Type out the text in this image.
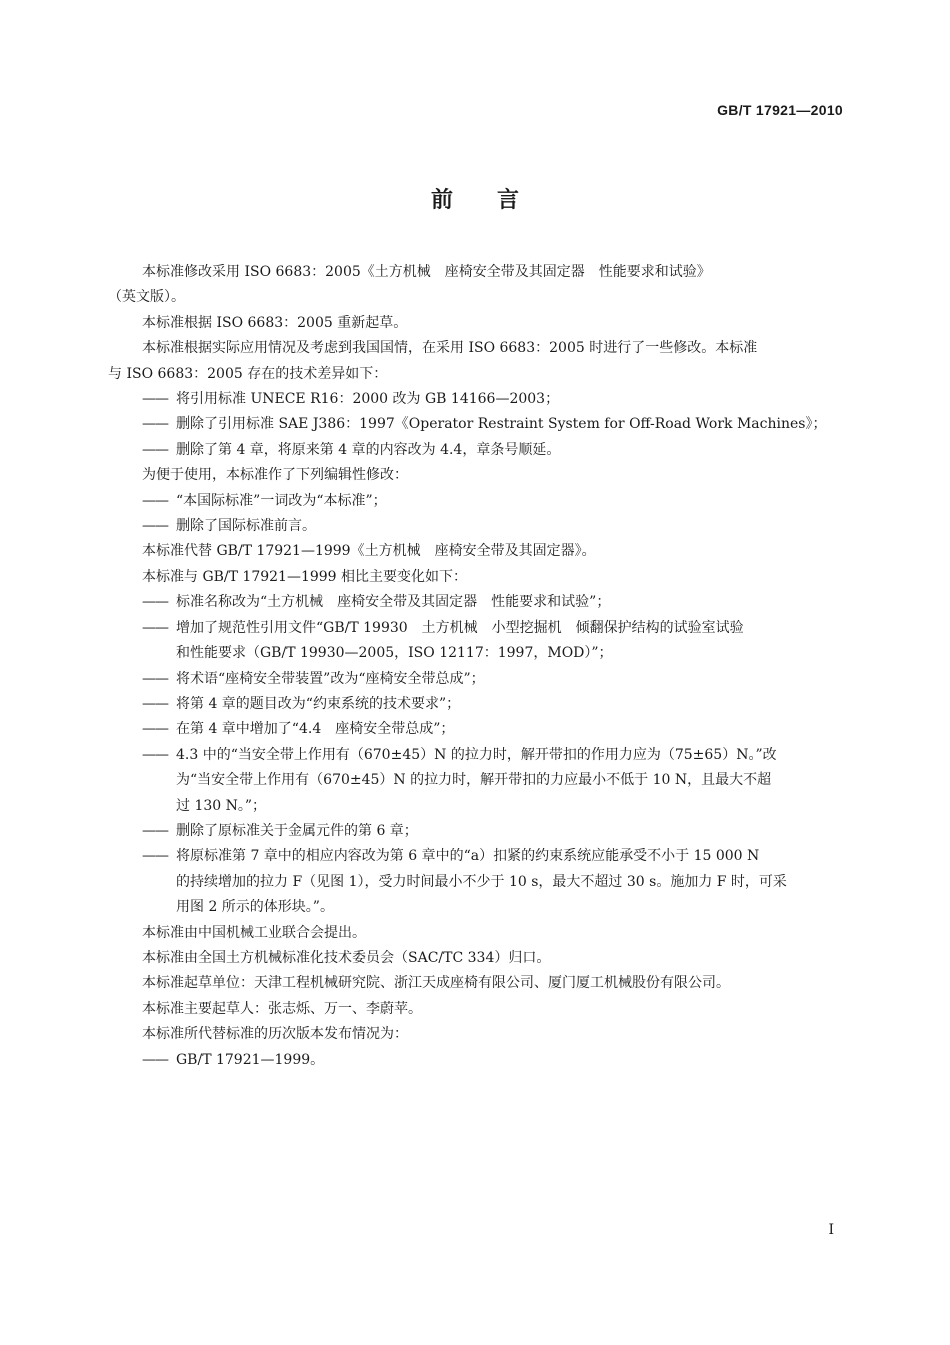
GB/T 17921—2010
前言

本标准修改采用 ISO 6683：2005《土方机械　座椅安全带及其固定器　性能要求和试验》

（英文版）。

本标准根据 ISO 6683：2005 重新起草。

本标准根据实际应用情况及考虑到我国国情，在采用 ISO 6683：2005 时进行了一些修改。本标准

与 ISO 6683：2005 存在的技术差异如下：

—— 将引用标准 UNECE R16：2000 改为 GB 14166—2003；

—— 删除了引用标准 SAE J386：1997《Operator Restraint System for Off-Road Work Machines》；

—— 删除了第 4 章，将原来第 4 章的内容改为 4.4，章条号顺延。

为便于使用，本标准作了下列编辑性修改：

—— “本国际标准”一词改为“本标准”；

—— 删除了国际标准前言。

本标准代替 GB/T 17921—1999《土方机械　座椅安全带及其固定器》。

本标准与 GB/T 17921—1999 相比主要变化如下：

—— 标准名称改为“土方机械　座椅安全带及其固定器　性能要求和试验”；

—— 增加了规范性引用文件“GB/T 19930　土方机械　小型挖掘机　倾翻保护结构的试验室试验
和性能要求（GB/T 19930—2005，ISO 12117：1997，MOD）”；

—— 将术语“座椅安全带装置”改为“座椅安全带总成”；

—— 将第 4 章的题目改为“约束系统的技术要求”；

—— 在第 4 章中增加了“4.4　座椅安全带总成”；

—— 4.3 中的“当安全带上作用有（670±45）N 的拉力时，解开带扣的作用力应为（75±65）N。”改
为“当安全带上作用有（670±45）N 的拉力时，解开带扣的力应最小不低于 10 N，且最大不超
过 130 N。”；

—— 删除了原标准关于金属元件的第 6 章；

—— 将原标准第 7 章中的相应内容改为第 6 章中的“a）扣紧的约束系统应能承受不小于 15 000 N
的持续增加的拉力 F（见图 1），受力时间最小不少于 10 s，最大不超过 30 s。施加力 F 时，可采
用图 2 所示的体形块。”。

本标准由中国机械工业联合会提出。

本标准由全国土方机械标准化技术委员会（SAC/TC 334）归口。

本标准起草单位：天津工程机械研究院、浙江天成座椅有限公司、厦门厦工机械股份有限公司。

本标准主要起草人：张志烁、万一、李蔚苹。

本标准所代替标准的历次版本发布情况为：

—— GB/T 17921—1999。

I
